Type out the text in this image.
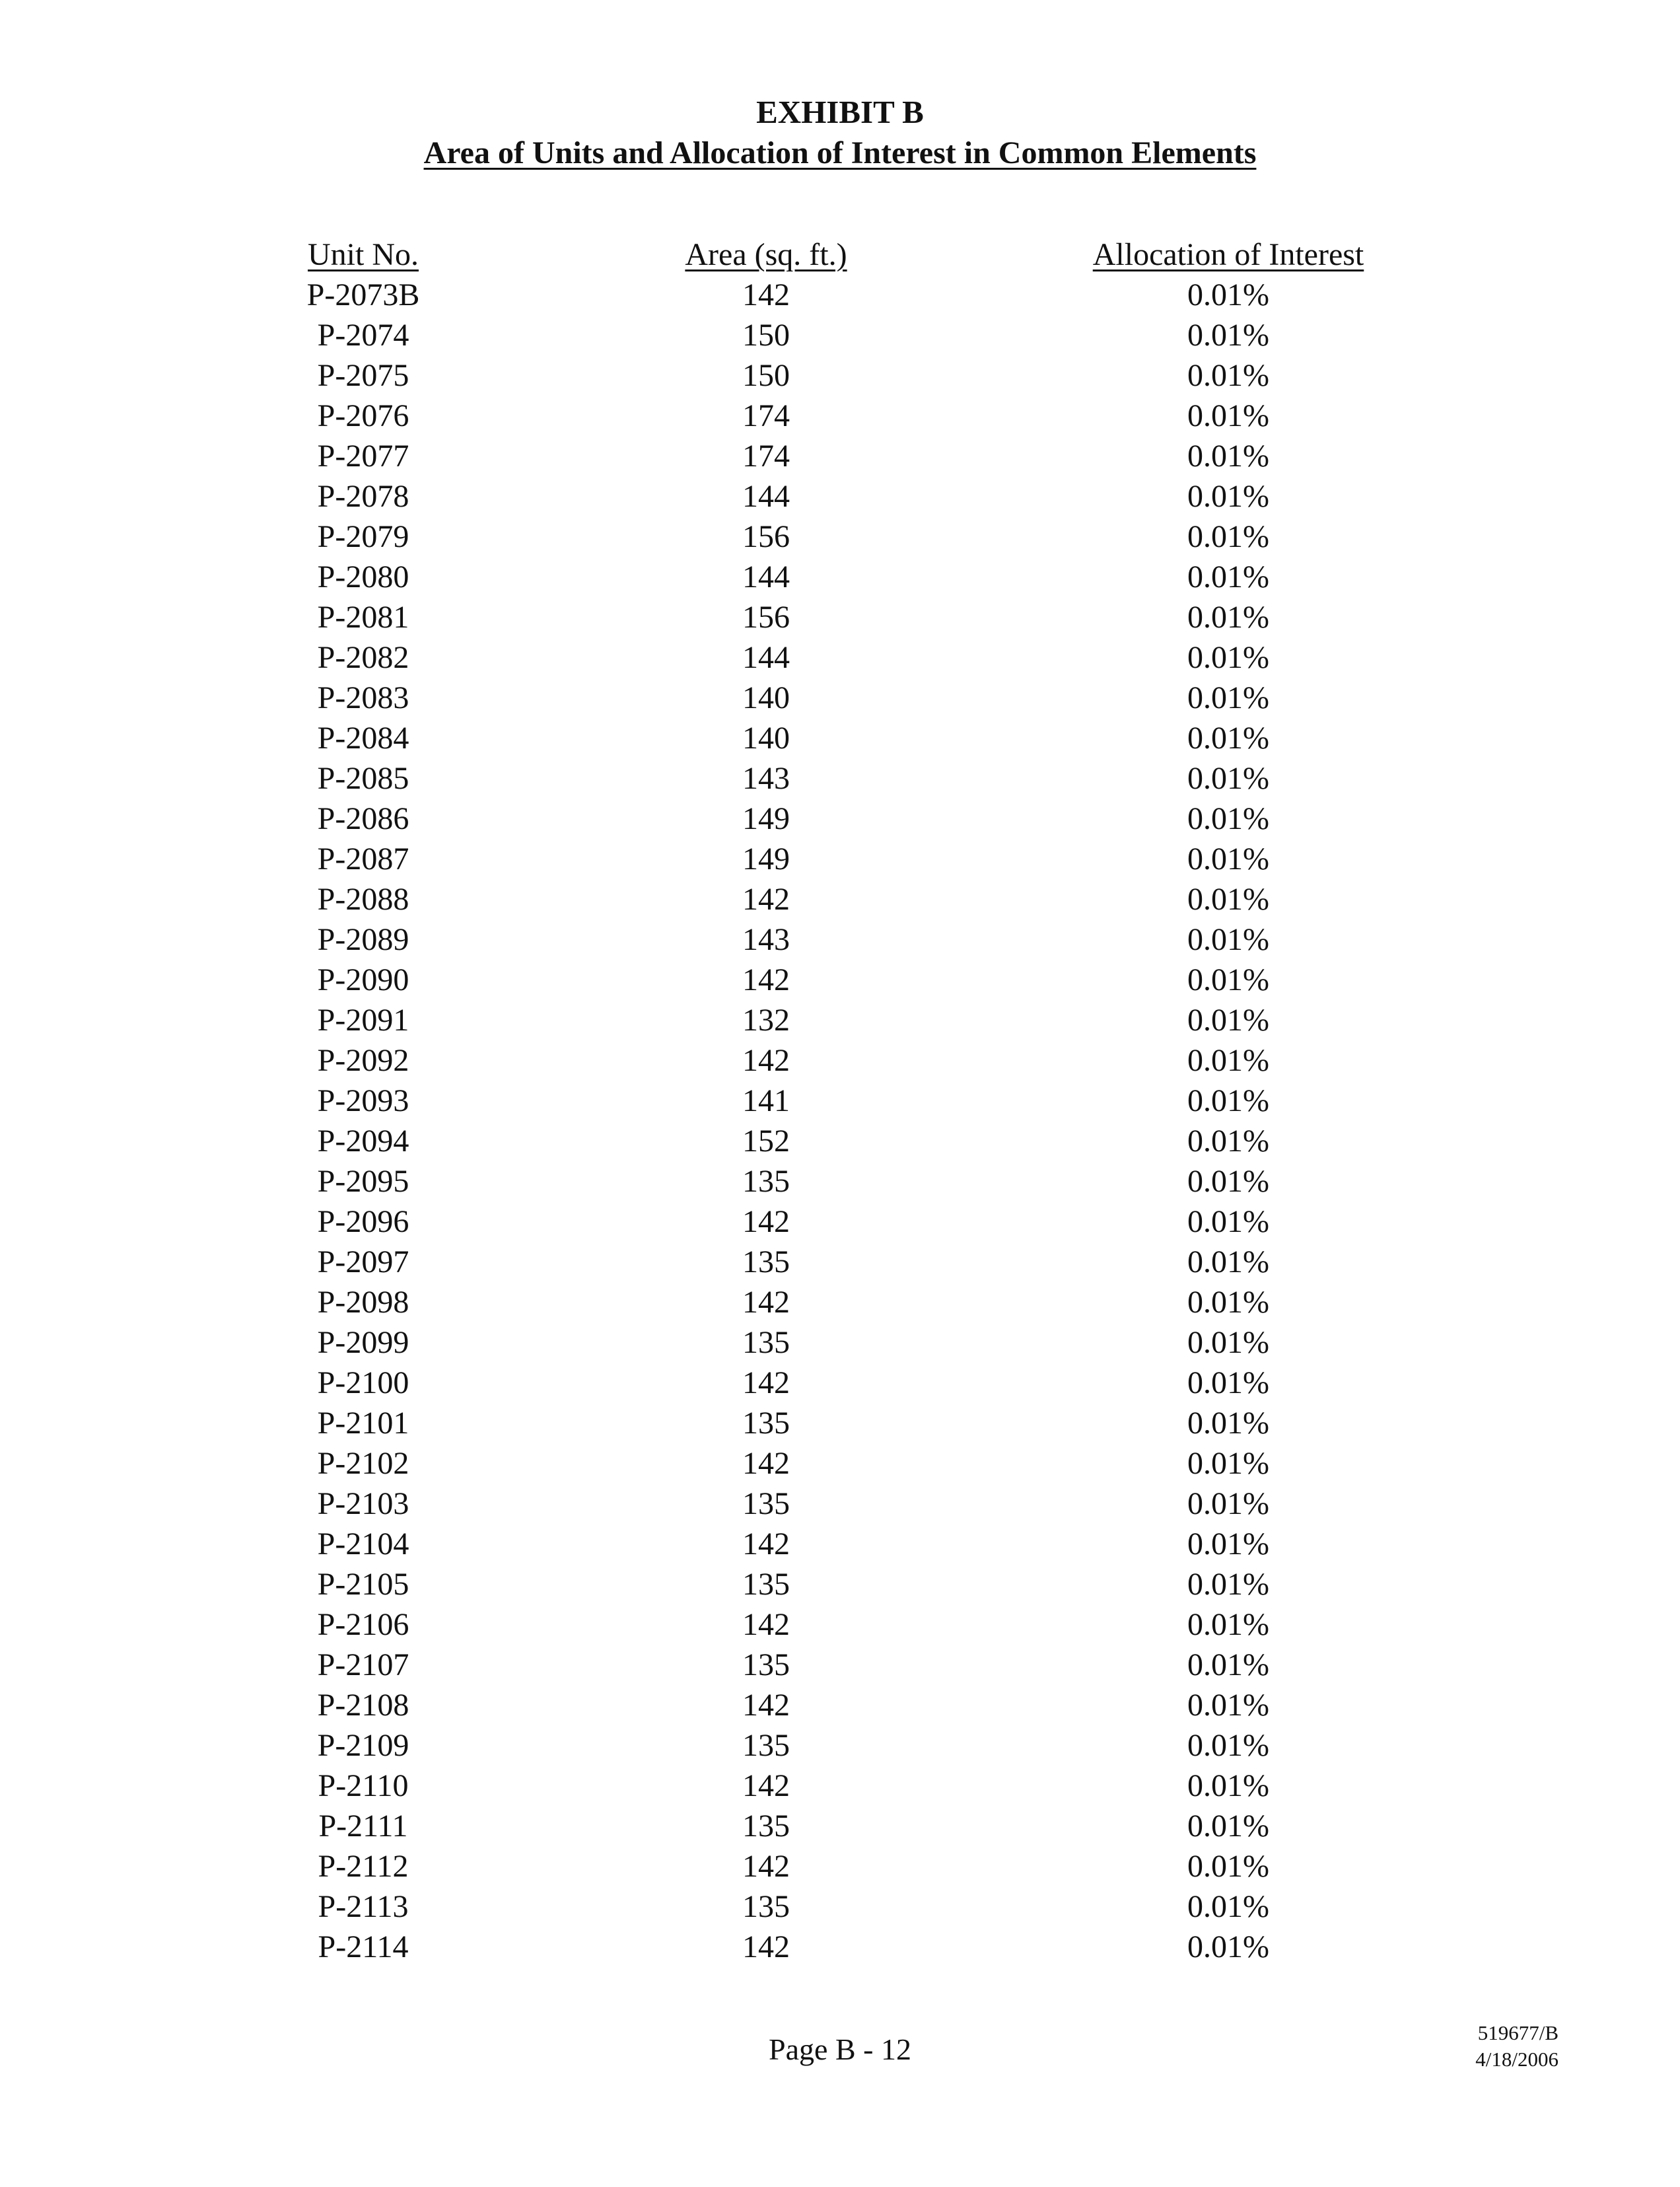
EXHIBIT B
Area of Units and Allocation of Interest in Common Elements
Unit No.	Area (sq. ft.)	Allocation of Interest
P-2073B	142	0.01%
P-2074	150	0.01%
P-2075	150	0.01%
P-2076	174	0.01%
P-2077	174	0.01%
P-2078	144	0.01%
P-2079	156	0.01%
P-2080	144	0.01%
P-2081	156	0.01%
P-2082	144	0.01%
P-2083	140	0.01%
P-2084	140	0.01%
P-2085	143	0.01%
P-2086	149	0.01%
P-2087	149	0.01%
P-2088	142	0.01%
P-2089	143	0.01%
P-2090	142	0.01%
P-2091	132	0.01%
P-2092	142	0.01%
P-2093	141	0.01%
P-2094	152	0.01%
P-2095	135	0.01%
P-2096	142	0.01%
P-2097	135	0.01%
P-2098	142	0.01%
P-2099	135	0.01%
P-2100	142	0.01%
P-2101	135	0.01%
P-2102	142	0.01%
P-2103	135	0.01%
P-2104	142	0.01%
P-2105	135	0.01%
P-2106	142	0.01%
P-2107	135	0.01%
P-2108	142	0.01%
P-2109	135	0.01%
P-2110	142	0.01%
P-2111	135	0.01%
P-2112	142	0.01%
P-2113	135	0.01%
P-2114	142	0.01%
Page B - 12	519677/B
4/18/2006
